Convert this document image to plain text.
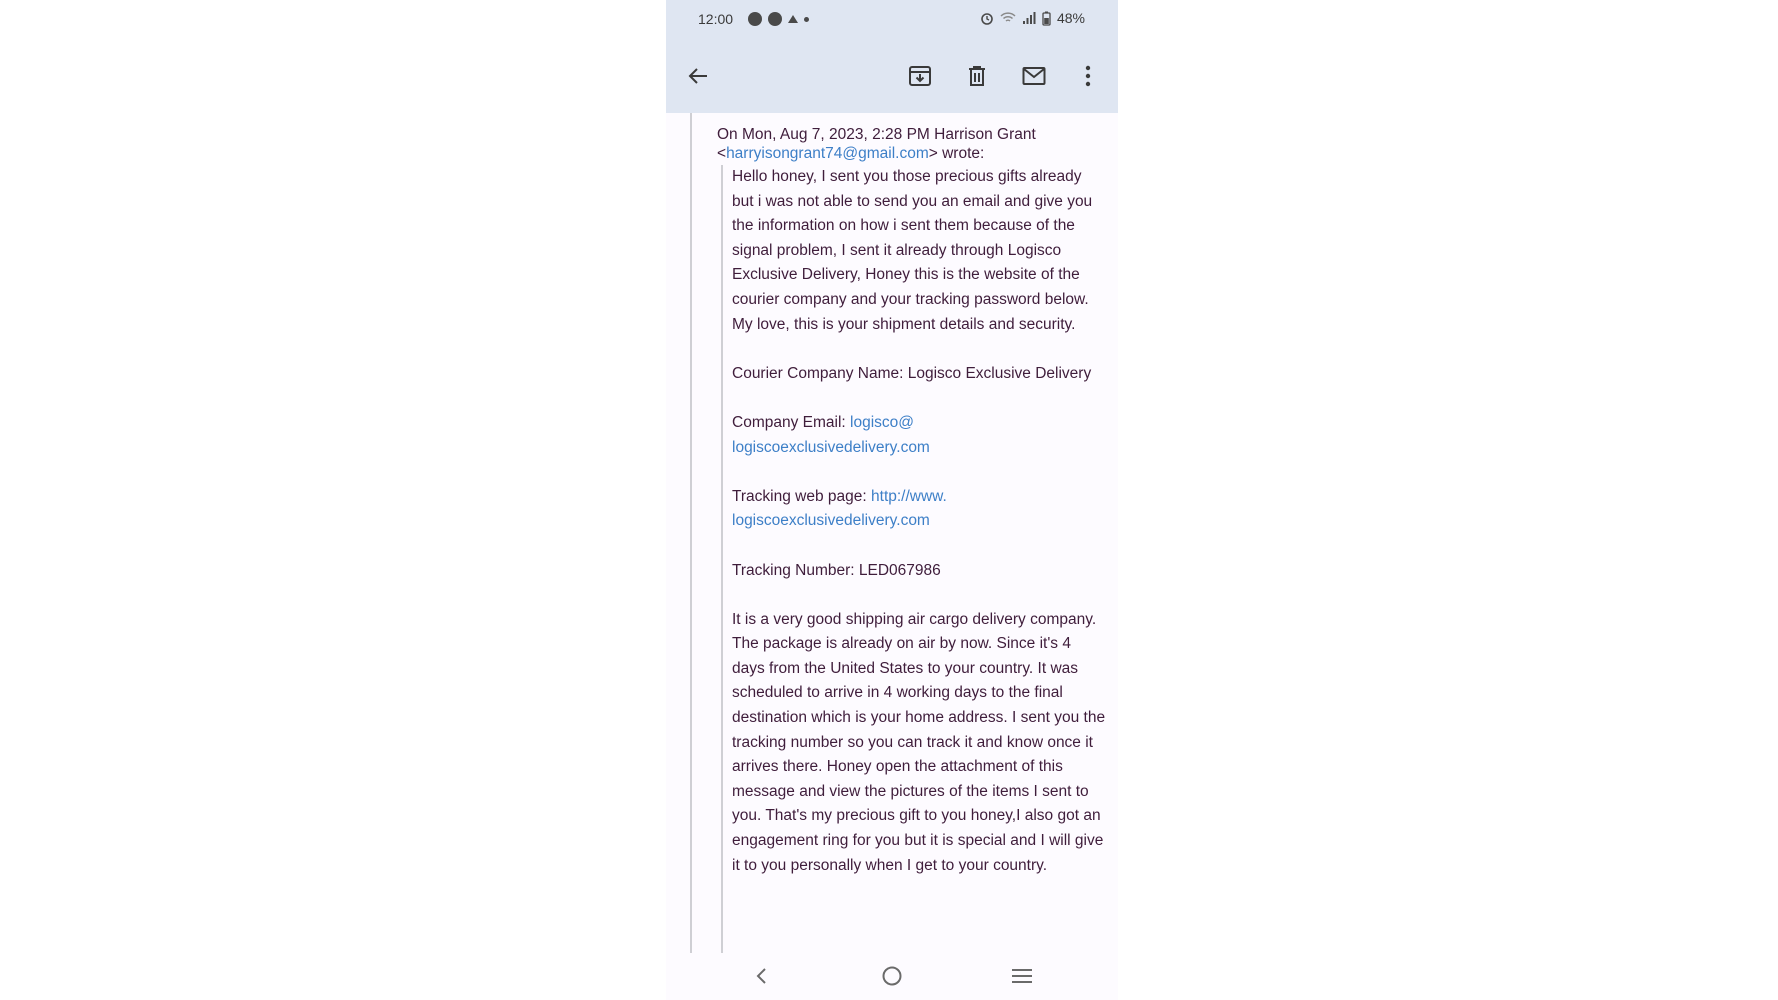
12:00	48%
On Mon, Aug 7, 2023, 2:28 PM Harrison Grant
<harryisongrant74@gmail.com> wrote:

Hello honey, I sent you those precious gifts already but i was not able to send you an email and give you the information on how i sent them because of the signal problem, I sent it already through Logisco Exclusive Delivery, Honey this is the website of the courier company and your tracking password below. My love, this is your shipment details and security.

Courier Company Name: Logisco Exclusive Delivery

Company Email: logisco@ logiscoexclusivedelivery.com

Tracking web page: http://www. logiscoexclusivedelivery.com

Tracking Number: LED067986

It is a very good shipping air cargo delivery company. The package is already on air by now. Since it's 4 days from the United States to your country. It was scheduled to arrive in 4 working days to the final destination which is your home address. I sent you the tracking number so you can track it and know once it arrives there. Honey open the attachment of this message and view the pictures of the items I sent to you. That's my precious gift to you honey,I also got an engagement ring for you but it is special and I will give it to you personally when I get to your country.
